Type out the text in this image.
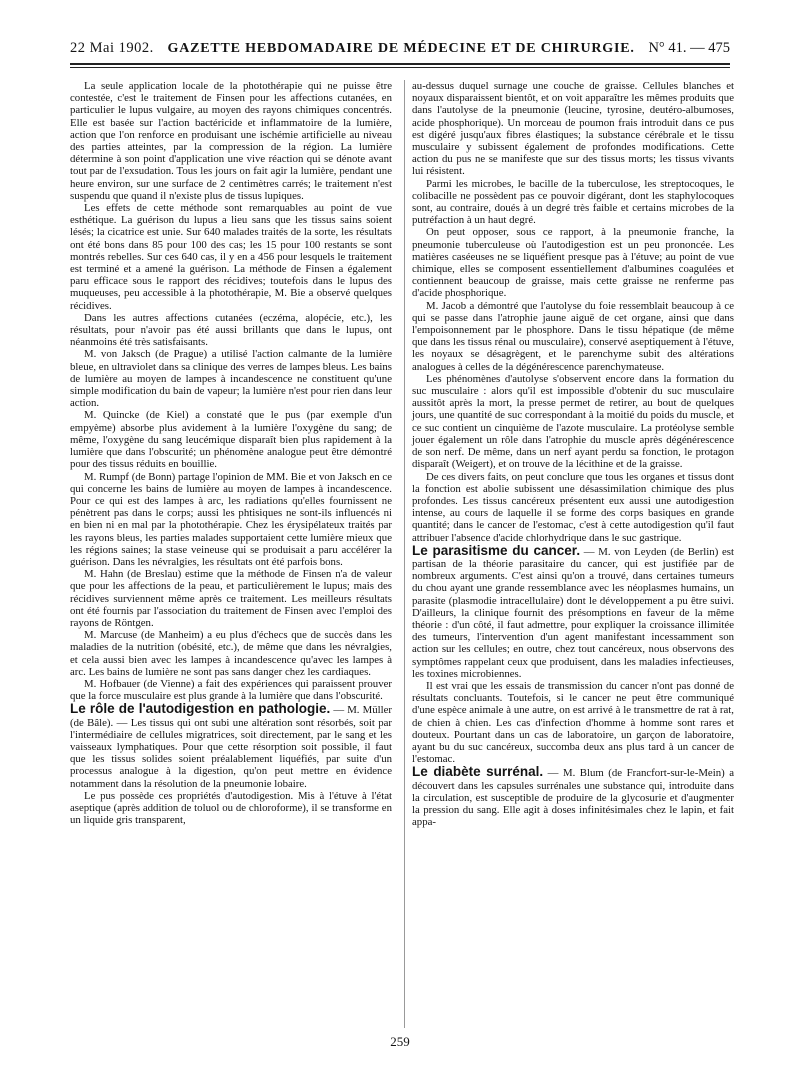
22 Mai 1902. GAZETTE HEBDOMADAIRE DE MÉDECINE ET DE CHIRURGIE. N° 41. — 475

La seule application locale de la photothérapie qui ne puisse être contestée, c'est le traitement de Finsen pour les affections cutanées, en particulier le lupus vulgaire, au moyen des rayons chimiques concentrés. Elle est basée sur l'action bactéricide et inflammatoire de la lumière, action que l'on renforce en produisant une ischémie artificielle au niveau des parties atteintes, par la compression de la région. La lumière détermine à son point d'application une vive réaction qui se dénote avant tout par de l'exsudation. Tous les jours on fait agir la lumière, pendant une heure environ, sur une surface de 2 centimètres carrés; le traitement n'est suspendu que quand il n'existe plus de tissus lupiques.

Les effets de cette méthode sont remarquables au point de vue esthétique. La guérison du lupus a lieu sans que les tissus sains soient lésés; la cicatrice est unie. Sur 640 malades traités de la sorte, les résultats ont été bons dans 85 pour 100 des cas; les 15 pour 100 restants se sont montrés rebelles. Sur ces 640 cas, il y en a 456 pour lesquels le traitement est terminé et a amené la guérison. La méthode de Finsen a également paru efficace sous le rapport des récidives; toutefois dans le lupus des muqueuses, peu accessible à la photothérapie, M. Bie a observé quelques récidives.

Dans les autres affections cutanées (eczéma, alopécie, etc.), les résultats, pour n'avoir pas été aussi brillants que dans le lupus, ont néanmoins été très satisfaisants.

M. von Jaksch (de Prague) a utilisé l'action calmante de la lumière bleue, en ultraviolet dans sa clinique des verres de lampes bleus. Les bains de lumière au moyen de lampes à incandescence ne constituent qu'une simple modification du bain de vapeur; la lumière n'est pour rien dans leur action.

M. Quincke (de Kiel) a constaté que le pus (par exemple d'un empyème) absorbe plus avidement à la lumière l'oxygène du sang; de même, l'oxygène du sang leucémique disparaît bien plus rapidement à la lumière que dans l'obscurité; un phénomène analogue peut être démontré pour des tissus réduits en bouillie.

M. Rumpf (de Bonn) partage l'opinion de MM. Bie et von Jaksch en ce qui concerne les bains de lumière au moyen de lampes à incandescence. Pour ce qui est des lampes à arc, les radiations qu'elles fournissent ne pénètrent pas dans le corps; aussi les phtisiques ne sont-ils influencés ni en bien ni en mal par la photothérapie. Chez les érysipélateux traités par les rayons bleus, les parties malades supportaient cette lumière mieux que les régions saines; la stase veineuse qui se produisait a paru accélérer la guérison. Dans les névralgies, les résultats ont été parfois bons.

M. Hahn (de Breslau) estime que la méthode de Finsen n'a de valeur que pour les affections de la peau, et particulièrement le lupus; mais des récidives surviennent même après ce traitement. Les meilleurs résultats ont été fournis par l'association du traitement de Finsen avec l'emploi des rayons de Röntgen.

M. Marcuse (de Manheim) a eu plus d'échecs que de succès dans les maladies de la nutrition (obésité, etc.), de même que dans les névralgies, et cela aussi bien avec les lampes à incandescence qu'avec les lampes à arc. Les bains de lumière ne sont pas sans danger chez les cardiaques.

M. Hofbauer (de Vienne) a fait des expériences qui paraissent prouver que la force musculaire est plus grande à la lumière que dans l'obscurité.

Le rôle de l'autodigestion en pathologie. — M. Müller (de Bâle). — Les tissus qui ont subi une altération sont résorbés, soit par l'intermédiaire de cellules migratrices, soit directement, par le sang et les vaisseaux lymphatiques. Pour que cette résorption soit possible, il faut que les tissus solides soient préalablement liquéfiés, par suite d'un processus analogue à la digestion, qu'on peut mettre en évidence notamment dans la résolution de la pneumonie lobaire.

Le pus possède ces propriétés d'autodigestion. Mis à l'étuve à l'état aseptique (après addition de toluol ou de chloroforme), il se transforme en un liquide gris transparent,

au-dessus duquel surnage une couche de graisse. Cellules blanches et noyaux disparaissent bientôt, et on voit apparaître les mêmes produits que dans l'autolyse de la pneumonie (leucine, tyrosine, deutéro-albumoses, acide phosphorique). Un morceau de poumon frais introduit dans ce pus est digéré jusqu'aux fibres élastiques; la substance cérébrale et le tissu musculaire y subissent également de profondes modifications. Cette action du pus ne se manifeste que sur des tissus morts; les tissus vivants lui résistent.

Parmi les microbes, le bacille de la tuberculose, les streptocoques, le colibacille ne possèdent pas ce pouvoir digérant, dont les staphylocoques sont, au contraire, doués à un degré très faible et certains microbes de la putréfaction à un haut degré.

On peut opposer, sous ce rapport, à la pneumonie franche, la pneumonie tuberculeuse où l'autodigestion est un peu prononcée. Les matières caséeuses ne se liquéfient presque pas à l'étuve; au point de vue chimique, elles se composent essentiellement d'albumines coagulées et contiennent beaucoup de graisse, mais cette graisse ne renferme pas d'acide phosphorique.

M. Jacob a démontré que l'autolyse du foie ressemblait beaucoup à ce qui se passe dans l'atrophie jaune aiguë de cet organe, ainsi que dans l'empoisonnement par le phosphore. Dans le tissu hépatique (de même que dans les tissus rénal ou musculaire), conservé aseptiquement à l'étuve, les noyaux se désagrègent, et le parenchyme subit des altérations analogues à celles de la dégénérescence parenchymateuse.

Les phénomènes d'autolyse s'observent encore dans la formation du suc musculaire : alors qu'il est impossible d'obtenir du suc musculaire aussitôt après la mort, la presse permet de retirer, au bout de quelques jours, une quantité de suc correspondant à la moitié du poids du muscle, et ce suc contient un cinquième de l'azote musculaire. La protéolyse semble jouer également un rôle dans l'atrophie du muscle après dégénérescence de son nerf. De même, dans un nerf ayant perdu sa fonction, le protagon disparaît (Weigert), et on trouve de la lécithine et de la graisse.

De ces divers faits, on peut conclure que tous les organes et tissus dont la fonction est abolie subissent une désassimilation chimique des plus profondes. Les tissus cancéreux présentent eux aussi une autodigestion intense, au cours de laquelle il se forme des corps basiques en grande quantité; dans le cancer de l'estomac, c'est à cette autodigestion qu'il faut attribuer l'absence d'acide chlorhydrique dans le suc gastrique.

Le parasitisme du cancer. — M. von Leyden (de Berlin) est partisan de la théorie parasitaire du cancer, qui est justifiée par de nombreux arguments. C'est ainsi qu'on a trouvé, dans certaines tumeurs du chou ayant une grande ressemblance avec les néoplasmes humains, un parasite (plasmodie intracellulaire) dont le développement a pu être suivi. D'ailleurs, la clinique fournit des présomptions en faveur de la même théorie : d'un côté, il faut admettre, pour expliquer la croissance illimitée des tumeurs, l'intervention d'un agent manifestant incessamment son action sur les cellules; en outre, chez tout cancéreux, nous observons des symptômes rappelant ceux que produisent, dans les maladies infectieuses, les toxines microbiennes.

Il est vrai que les essais de transmission du cancer n'ont pas donné de résultats concluants. Toutefois, si le cancer ne peut être communiqué d'une espèce animale à une autre, on est arrivé à le transmettre de rat à rat, de chien à chien. Les cas d'infection d'homme à homme sont rares et douteux. Pourtant dans un cas de laboratoire, un garçon de laboratoire, ayant bu du suc cancéreux, succomba deux ans plus tard à un cancer de l'estomac.

Le diabète surrénal. — M. Blum (de Francfort-sur-le-Mein) a découvert dans les capsules surrénales une substance qui, introduite dans la circulation, est susceptible de produire de la glycosurie et d'augmenter la pression du sang. Elle agit à doses infinitésimales chez le lapin, et fait appa-

259
